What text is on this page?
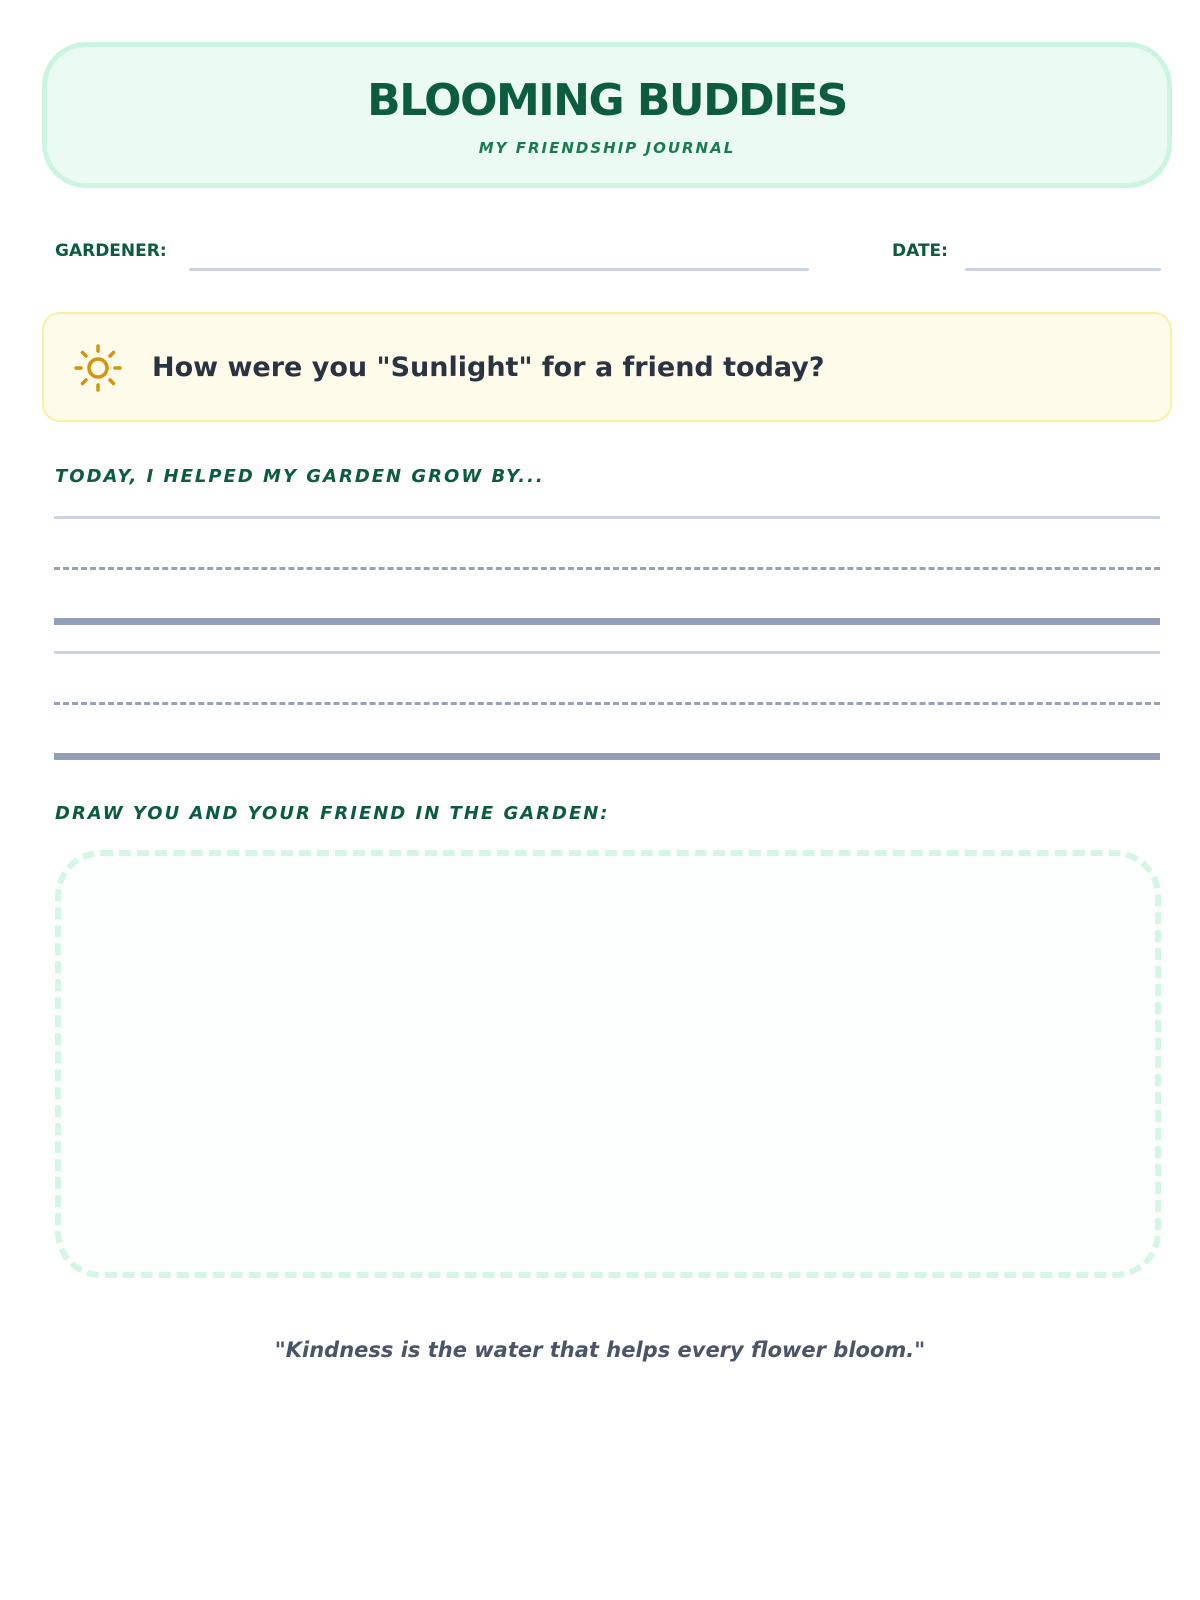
BLOOMING BUDDIES
MY FRIENDSHIP JOURNAL
GARDENER:	DATE:
How were you "Sunlight" for a friend today?
TODAY, I HELPED MY GARDEN GROW BY...
DRAW YOU AND YOUR FRIEND IN THE GARDEN:
"Kindness is the water that helps every flower bloom."
